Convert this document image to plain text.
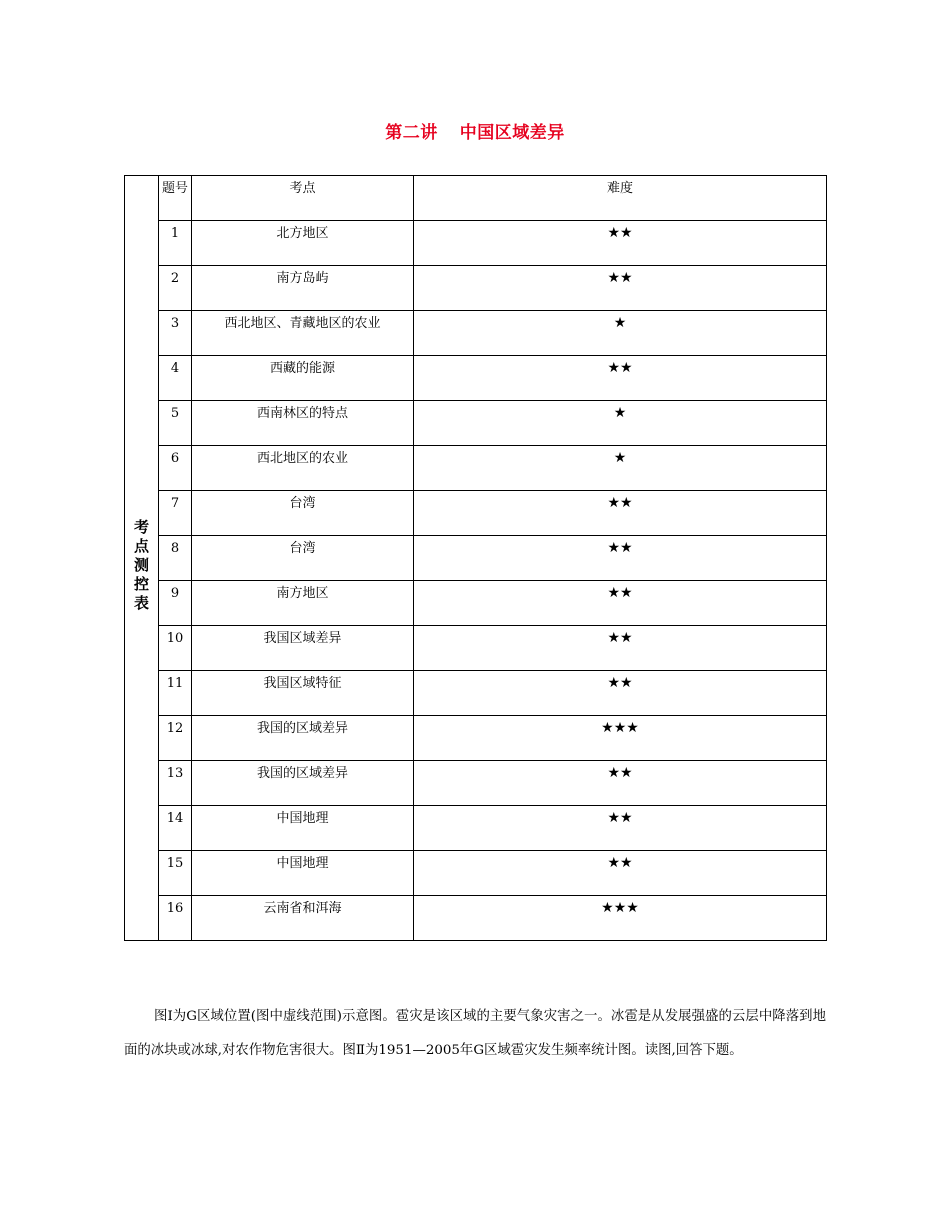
第二讲 中国区域差异
考点测控表	题号	考点	难度

	1	北方地区	★★

	2	南方岛屿	★★

	3	西北地区、青藏地区的农业	★

	4	西藏的能源	★★

	5	西南林区的特点	★

	6	西北地区的农业	★

	7	台湾	★★

	8	台湾	★★

	9	南方地区	★★

	10	我国区域差异	★★

	11	我国区域特征	★★

	12	我国的区域差异	★★★

	13	我国的区域差异	★★

	14	中国地理	★★

	15	中国地理	★★

	16	云南省和洱海	★★★
图Ⅰ为G区域位置(图中虚线范围)示意图。雹灾是该区域的主要气象灾害之一。冰雹是从发展强盛的云层中降落到地面的冰块或冰球,对农作物危害很大。图Ⅱ为1951—2005年G区域雹灾发生频率统计图。读图,回答下题。
